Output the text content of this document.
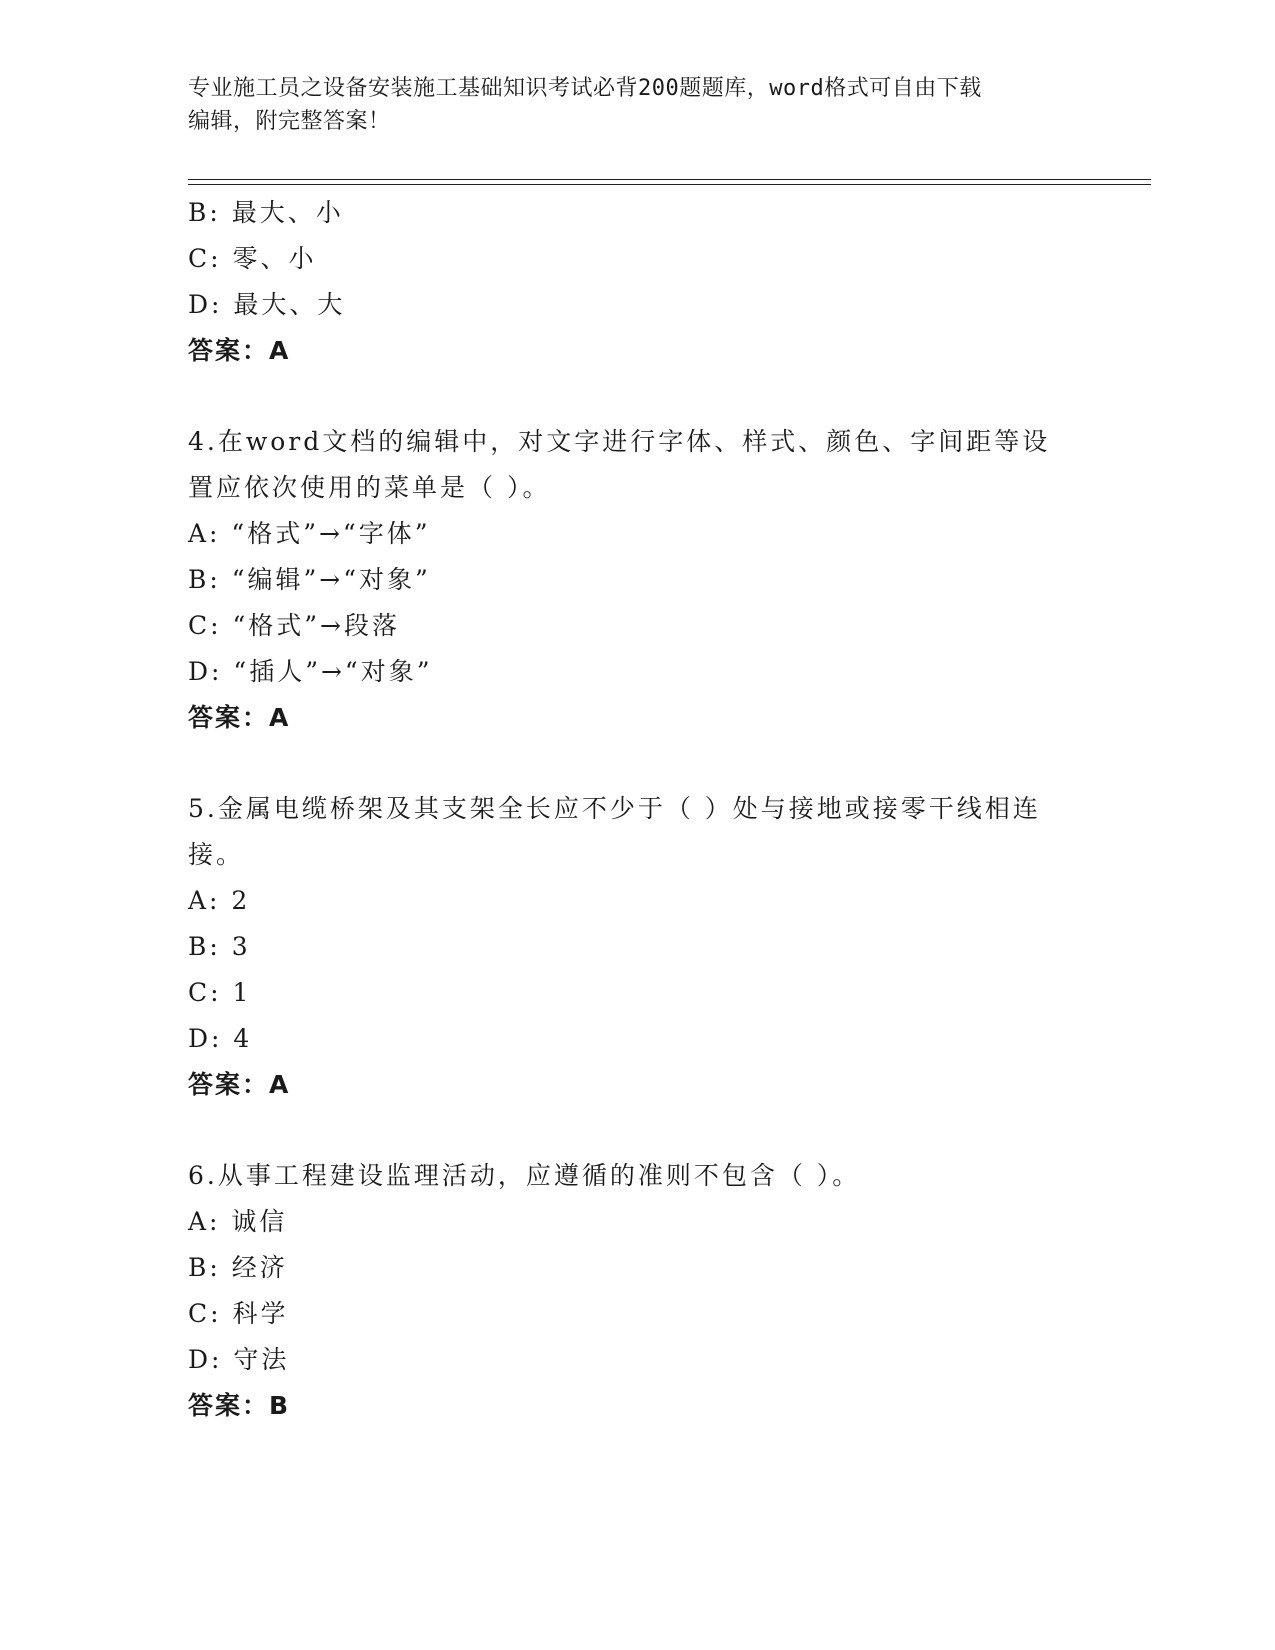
专业施工员之设备安装施工基础知识考试必背200题题库，word格式可自由下载
编辑，附完整答案！
B: 最大、小
C: 零、小
D: 最大、大
答案：A
4.在word文档的编辑中，对文字进行字体、样式、颜色、字间距等设
置应依次使用的菜单是（ ）。
A: “格式”→“字体”
B: “编辑”→“对象”
C: “格式”→段落
D: “插人”→“对象”
答案：A
5.金属电缆桥架及其支架全长应不少于（ ）处与接地或接零干线相连
接。
A: 2
B: 3
C: 1
D: 4
答案：A
6.从事工程建设监理活动，应遵循的准则不包含（ ）。
A: 诚信
B: 经济
C: 科学
D: 守法
答案：B
